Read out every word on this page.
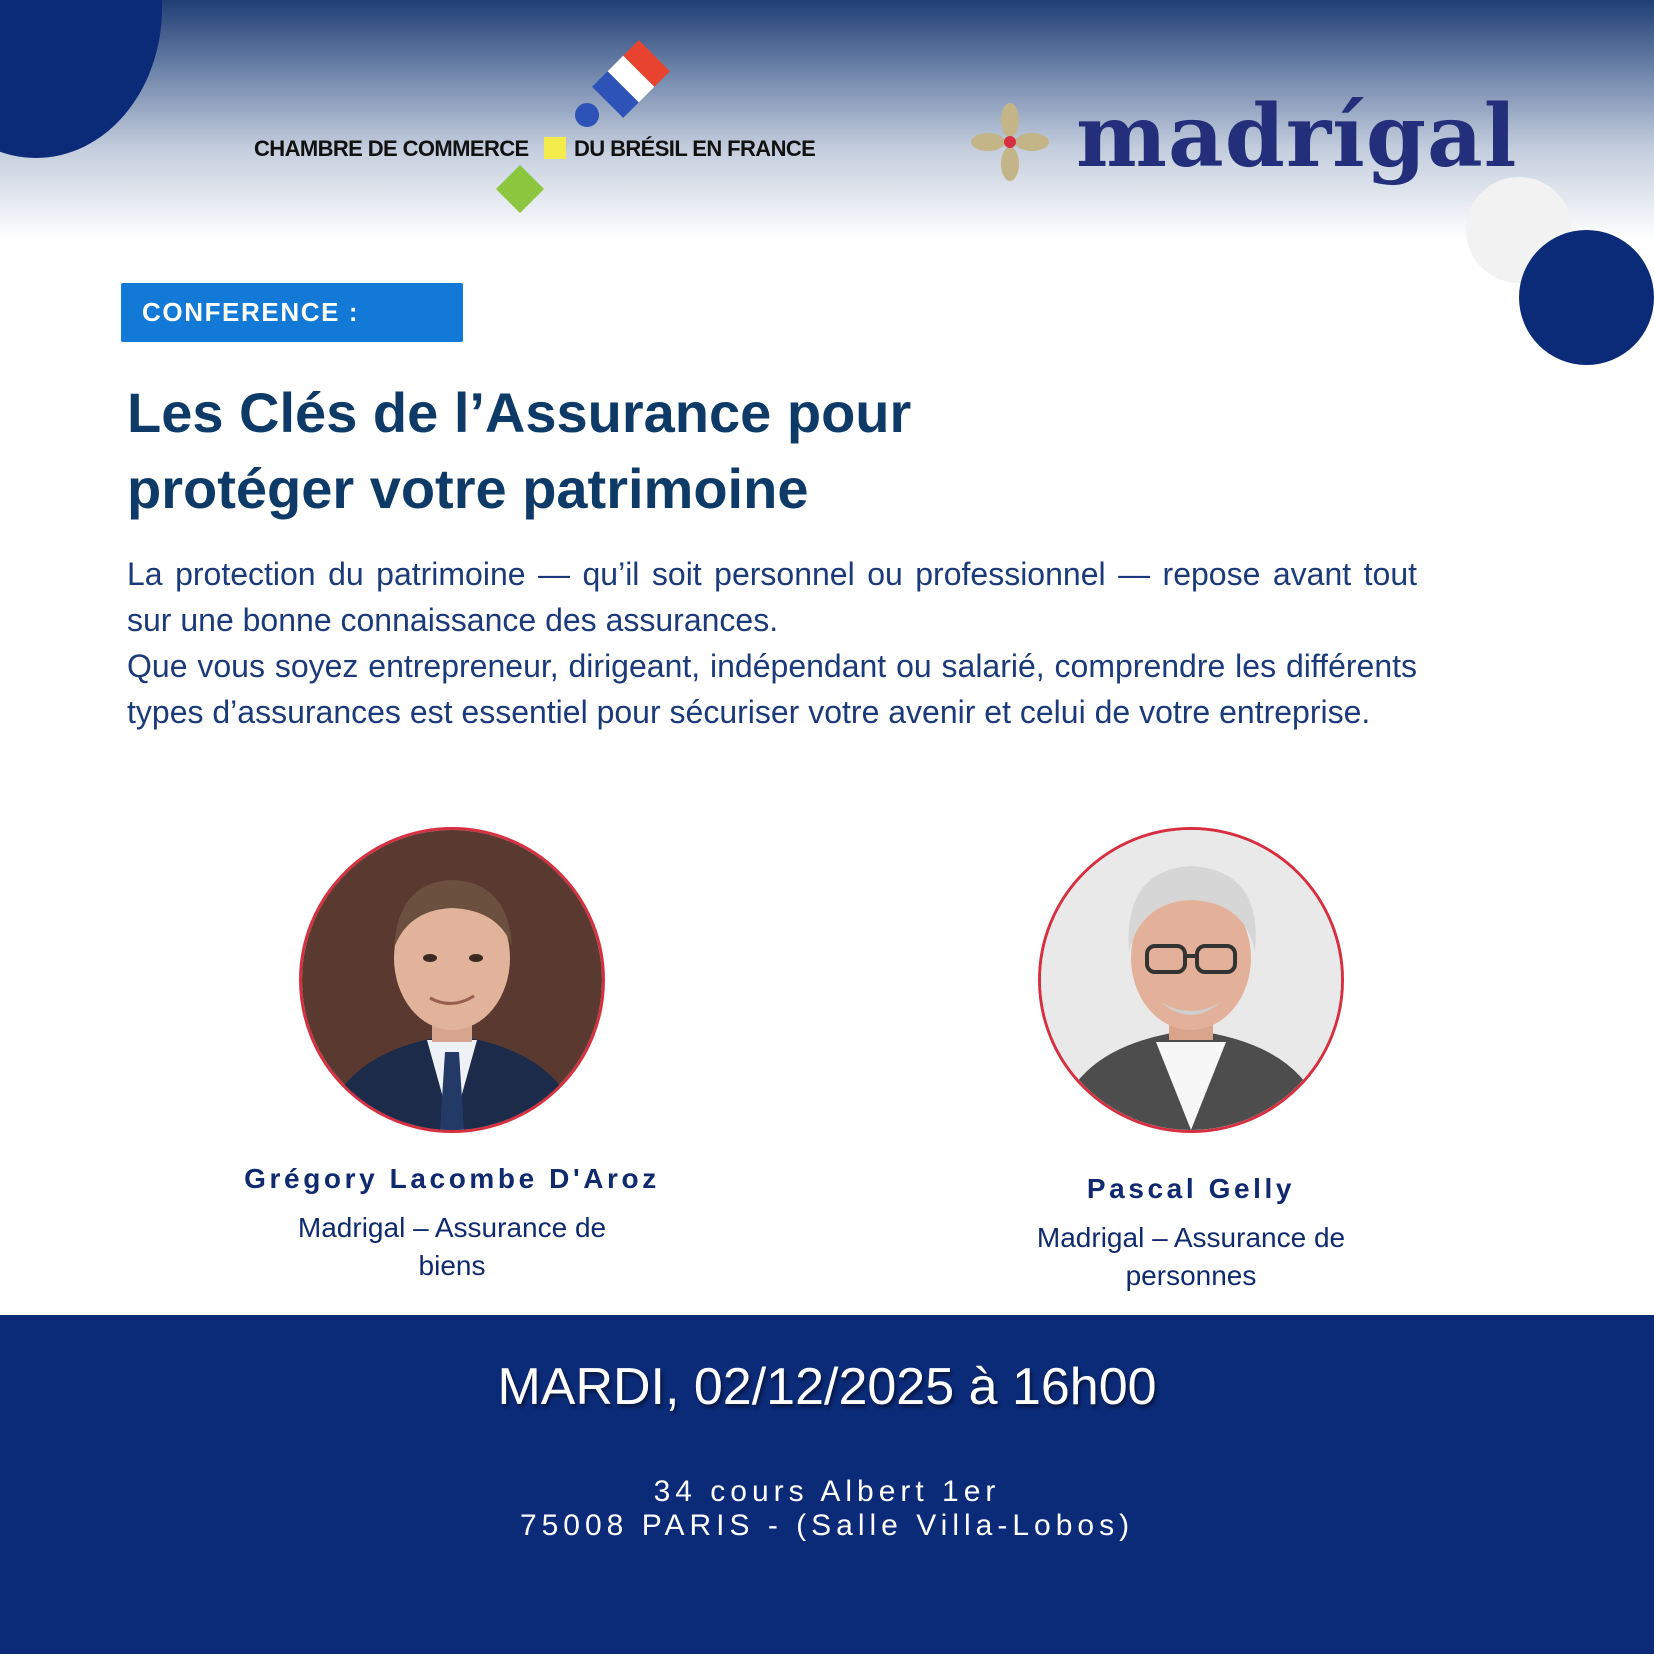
CHAMBRE DE COMMERCE DU BRÉSIL EN FRANCE	madrígal
CONFERENCE :
Les Clés de l’Assurance pour
protéger votre patrimoine

La protection du patrimoine — qu’il soit personnel ou professionnel — repose avant tout sur une bonne connaissance des assurances.

Que vous soyez entrepreneur, dirigeant, indépendant ou salarié, comprendre les différents types d’assurances est essentiel pour sécuriser votre avenir et celui de votre entreprise.

Grégory Lacombe D'Aroz
Madrigal – Assurance de
biens
Pascal Gelly
Madrigal – Assurance de
personnes
MARDI, 02/12/2025 à 16h00
34 cours Albert 1er
75008 PARIS - (Salle Villa-Lobos)
